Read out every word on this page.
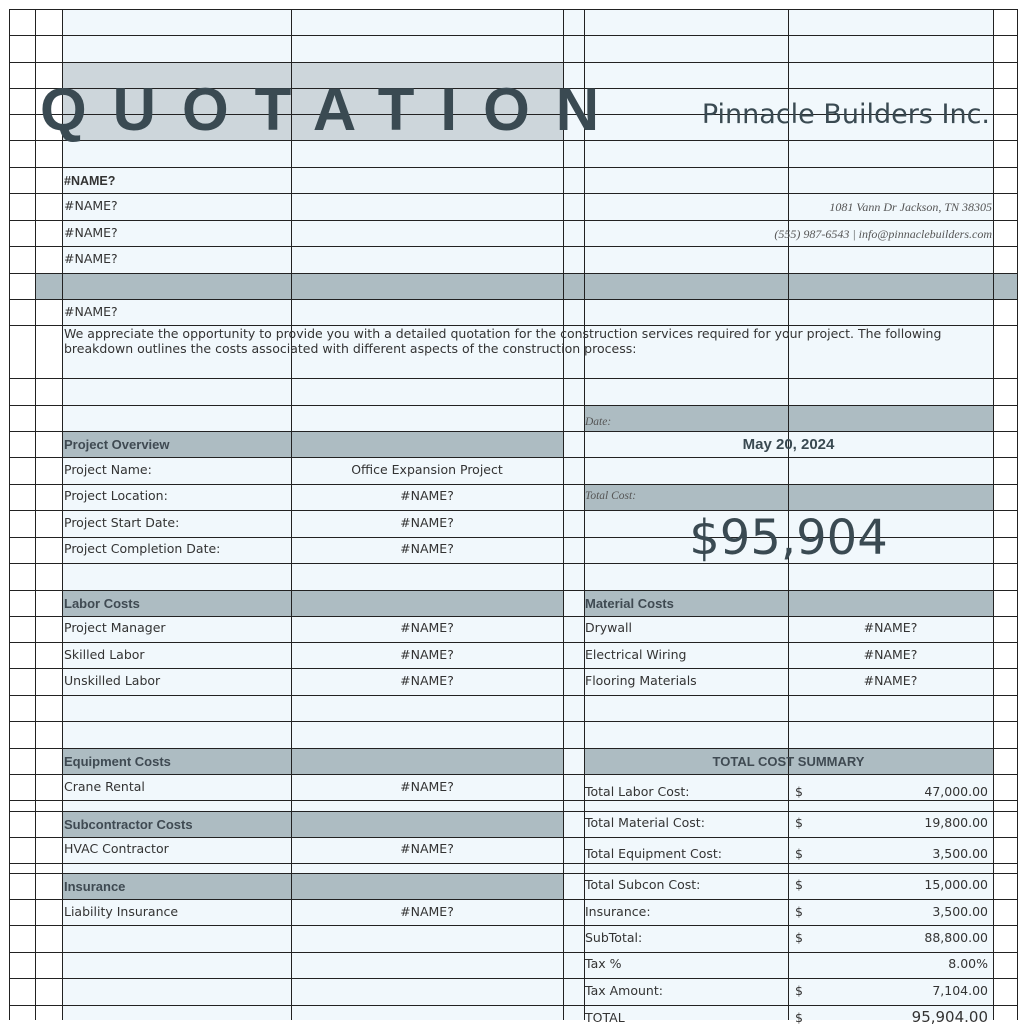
QUOTATION	Pinnacle Builders Inc.
1081 Vann Dr Jackson, TN 38305
(555) 987-6543 | info@pinnaclebuilders.com
#NAME?
#NAME?
#NAME?
#NAME?
#NAME?
We appreciate the opportunity to provide you with a detailed quotation for the construction services required for your project. The following
breakdown outlines the costs associated with different aspects of the construction process:
Date:
May 20, 2024
Total Cost:
$95,904
Project Overview
Project Name:	Office Expansion Project
Project Location:	#NAME?
Project Start Date:	#NAME?
Project Completion Date:	#NAME?
Labor Costs
Project Manager	#NAME?
Skilled Labor	#NAME?
Unskilled Labor	#NAME?
Material Costs
Drywall	#NAME?
Electrical Wiring	#NAME?
Flooring Materials	#NAME?
Equipment Costs
Crane Rental	#NAME?
Subcontractor Costs
HVAC Contractor	#NAME?
Insurance
Liability Insurance	#NAME?
TOTAL COST SUMMARY
Total Labor Cost:	$	47,000.00
Total Material Cost:	$	19,800.00
Total Equipment Cost:	$	3,500.00
Total Subcon Cost:	$	15,000.00
Insurance:	$	3,500.00
SubTotal:	$	88,800.00
Tax %	8.00%
Tax Amount:	$	7,104.00
TOTAL	$	95,904.00
